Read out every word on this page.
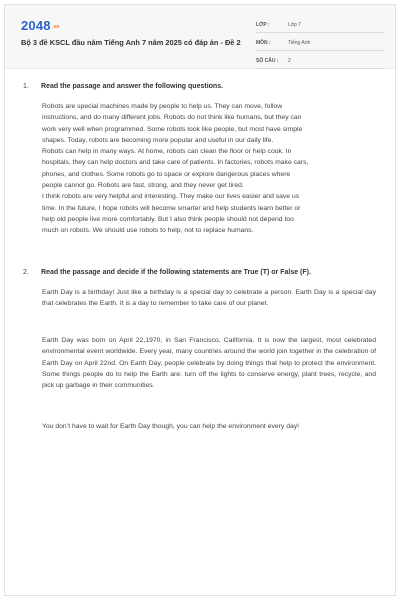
2048.vn
Bộ 3 đề KSCL đầu năm Tiếng Anh 7 năm 2025 có đáp án - Đề 2
LỚP :	Lớp 7
MÔN :	Tiếng Anh
SỐ CÂU : 2
1. Read the passage and answer the following questions.
Robots are special machines made by people to help us. They can move, follow
instructions, and do many different jobs. Robots do not think like humans, but they can
work very well when programmed. Some robots look like people, but most have simple
shapes. Today, robots are becoming more popular and useful in our daily life.
Robots can help in many ways. At home, robots can clean the floor or help cook. In
hospitals, they can help doctors and take care of patients. In factories, robots make cars,
phones, and clothes. Some robots go to space or explore dangerous places where
people cannot go. Robots are fast, strong, and they never get tired.
I think robots are very helpful and interesting. They make our lives easier and save us
time. In the future, I hope robots will become smarter and help students learn better or
help old people live more comfortably. But I also think people should not depend too
much on robots. We should use robots to help, not to replace humans.
2. Read the passage and decide if the following statements are True (T) or False (F).
Earth Day is a birthday! Just like a birthday is a special day to celebrate a person. Earth Day is a special day that celebrates the Earth. It is a day to remember to take care of our planet.
Earth Day was born on April 22,1970, in San Francisco, California. It is now the largest, most celebrated environmental event worldwide. Every year, many countries around the world join together in the celebration of Earth Day on April 22nd. On Earth Day, people celebrate by doing things that help to protect the environment. Some things people do to help the Earth are: turn off the lights to conserve energy, plant trees, recycle, and pick up garbage in their communities.
You don’t have to wait for Earth Day though, you can help the environment every day!
